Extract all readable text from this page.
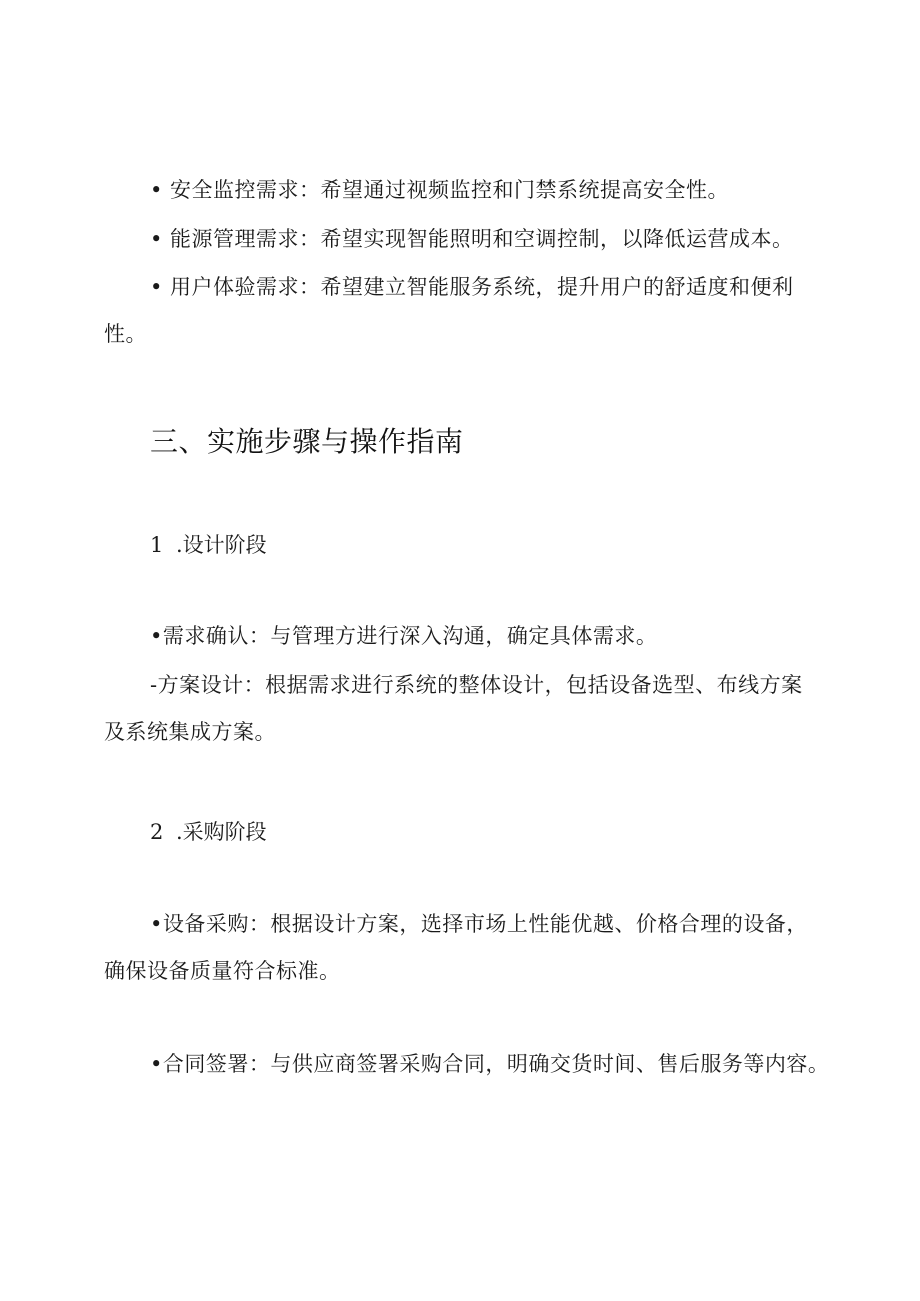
• 安全监控需求：希望通过视频监控和门禁系统提高安全性。
• 能源管理需求：希望实现智能照明和空调控制，以降低运营成本。
• 用户体验需求：希望建立智能服务系统，提升用户的舒适度和便利
性。
三、实施步骤与操作指南
1 .设计阶段
•需求确认：与管理方进行深入沟通，确定具体需求。
-方案设计：根据需求进行系统的整体设计，包括设备选型、布线方案
及系统集成方案。
2 .采购阶段
•设备采购：根据设计方案，选择市场上性能优越、价格合理的设备，
确保设备质量符合标准。
•合同签署：与供应商签署采购合同，明确交货时间、售后服务等内容。
